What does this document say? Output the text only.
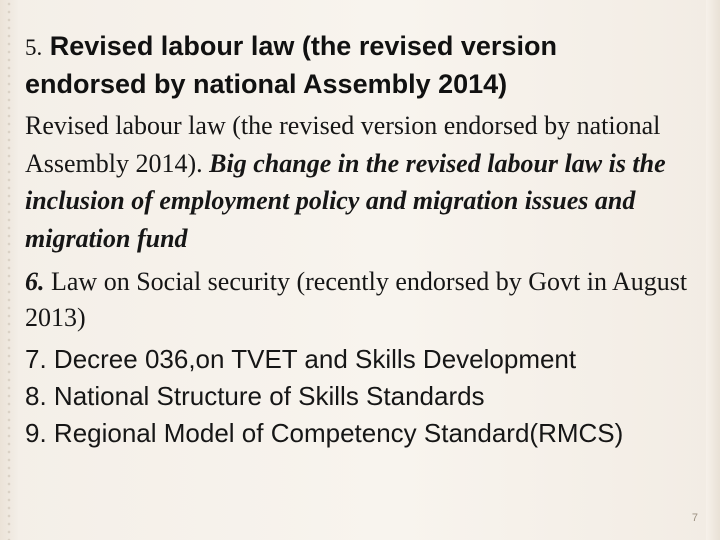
5. Revised labour law (the revised version
endorsed by national Assembly 2014)

Revised labour law (the revised version endorsed by national Assembly 2014). Big change in the revised labour law is the inclusion of employment policy and migration issues and migration fund

6. Law on Social security (recently endorsed by Govt in August 2013)

7. Decree 036,on TVET and Skills Development

8. National Structure of Skills Standards

9. Regional Model of Competency Standard(RMCS)

7
